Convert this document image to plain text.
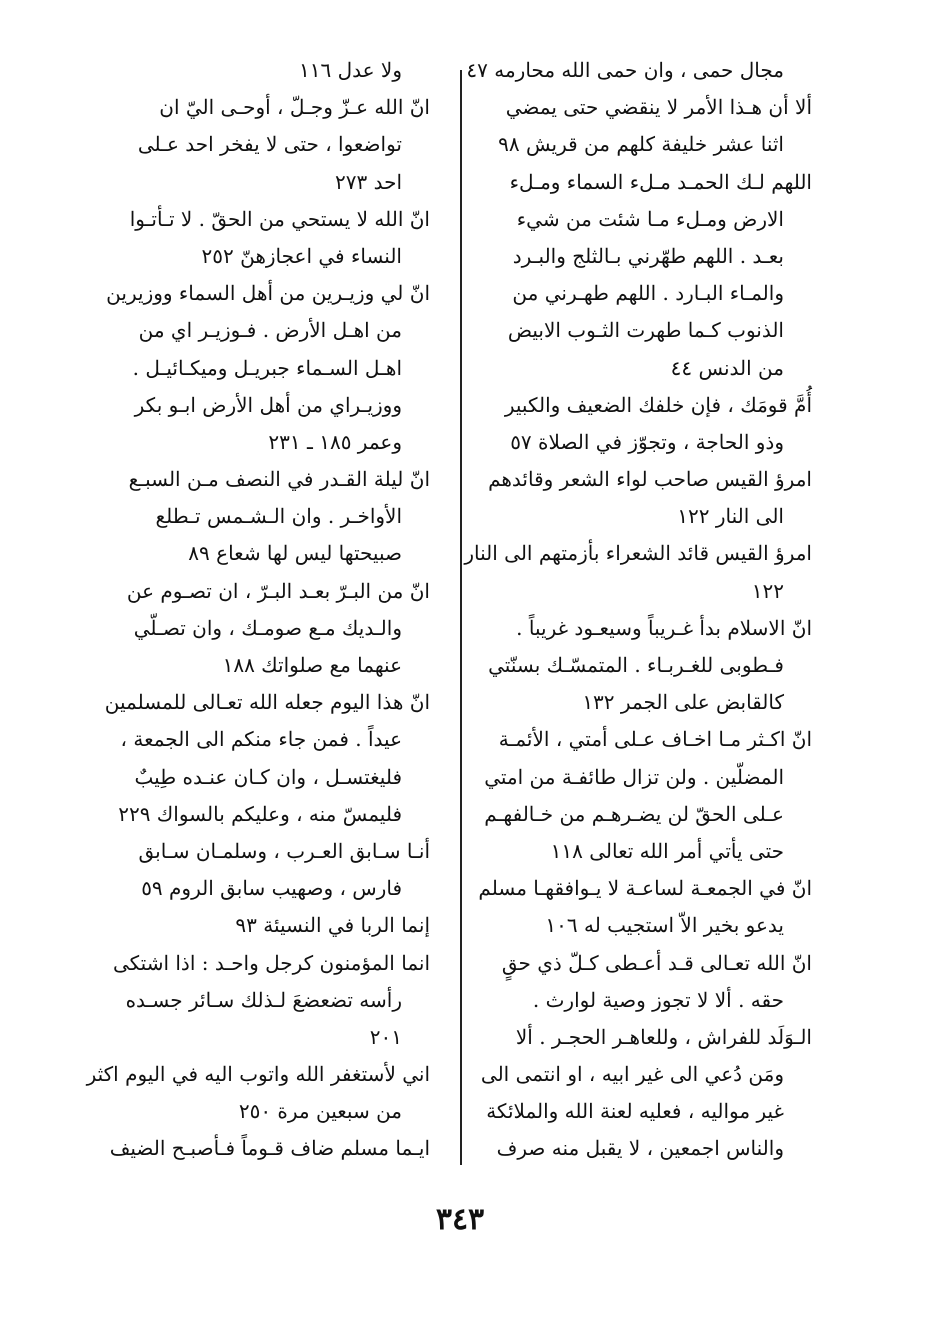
مجال حمى ، وان حمى الله محارمه ٤٧
ألا أن هـذا الأمر لا ينقضي حتى يمضي
اثنا عشر خليفة كلهم من قريش ٩٨
اللهم لـك الحمـد مـلء السماء ومـلء
الارض ومـلء مـا شئت من شيء
بعـد . اللهم طهّرني بـالثلج والبـرد
والمـاء البـارد . اللهم طهـرني من
الذنوب كـما طهرت الثـوب الابيض
من الدنس ٤٤
أُمَّ قومَك ، فإن خلفك الضعيف والكبير
وذو الحاجة ، وتجوّز في الصلاة ٥٧
امرؤ القيس صاحب لواء الشعر وقائدهم
الى النار ١٢٢
امرؤ القيس قائد الشعراء بأزمتهم الى النار
١٢٢
انّ الاسلام بدأ غـريباً وسيعـود غريباً .
فـطوبى للغـربـاء . المتمسّـك بسنّتي
كالقابض على الجمر ١٣٢
انّ اكـثر مـا اخـاف عـلى أمتي ، الأئمـة
المضلّين . ولن تزال طائفـة من امتي
عـلى الحقّ لن يضـرهـم من خـالفهـم
حتى يأتي أمر الله تعالى ١١٨
انّ في الجمعـة لساعـة لا يـوافقهـا مسلم
يدعو بخير الاّ استجيب له ١٠٦
انّ الله تعـالى قـد أعـطى كـلّ ذي حقٍ
حقه . ألا لا تجوز وصية لوارث .
الـوَلَد للفراش ، وللعاهـر الحجـر . ألا
ومَن دُعي الى غير ابيه ، او انتمى الى
غير مواليه ، فعليه لعنة الله والملائكة
والناس اجمعين ، لا يقبل منه صرف
ولا عدل ١١٦
انّ الله عـزّ وجـلّ ، أوحـى اليّ ان
تواضعوا ، حتى لا يفخر احد عـلى
احد ٢٧٣
انّ الله لا يستحي من الحقّ . لا تـأتـوا
النساء في اعجازهنّ ٢٥٢
انّ لي وزيـرين من أهل السماء ووزيرين
من اهـل الأرض . فـوزيـر اي من
اهـل السـماء جبريـل وميكـائيـل .
ووزيـراي من أهل الأرض ابـو بكر
وعمر ١٨٥ ـ ٢٣١
انّ ليلة القـدر في النصف مـن السبـع
الأواخـر . وان الـشـمس تـطلع
صبيحتها ليس لها شعاع ٨٩
انّ من البـرّ بعـد البـرّ ، ان تصـوم عن
والـديك مـع صومـك ، وان تصـلّي
عنهما مع صلواتك ١٨٨
انّ هذا اليوم جعله الله تعـالى للمسلمين
عيداً . فمن جاء منكم الى الجمعة ،
فليغتسـل ، وان كـان عنـده طِيبٌ
فليمسّ منه ، وعليكم بالسواك ٢٢٩
أنـا سـابق العـرب ، وسلمـان سـابق
فارس ، وصهيب سابق الروم ٥٩
إنما الربا في النسيئة ٩٣
انما المؤمنون كرجل واحـد : اذا اشتكى
رأسه تضعضعَ لـذلك سـائر جسـده
٢٠١
اني لأستغفر الله واتوب اليه في اليوم اكثر
من سبعين مرة ٢٥٠
ايـما مسلم ضاف قـوماً فـأصبـح الضيف
٣٤٣
